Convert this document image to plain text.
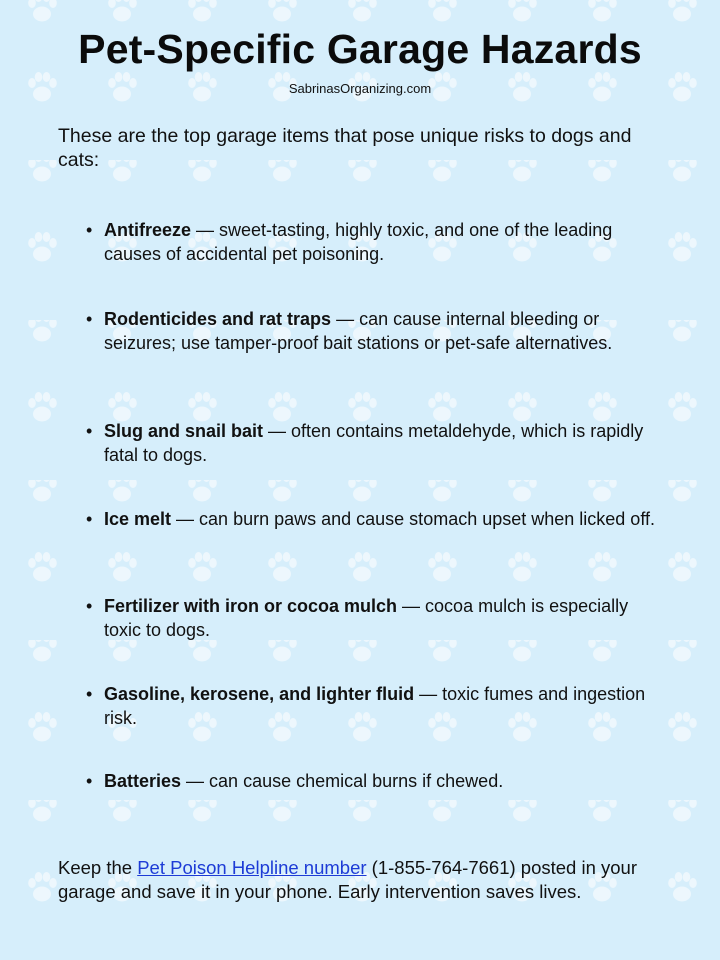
Pet-Specific Garage Hazards
SabrinasOrganizing.com

These are the top garage items that pose unique risks to dogs and cats:

• Antifreeze — sweet-tasting, highly toxic, and one of the leading causes of accidental pet poisoning.
• Rodenticides and rat traps — can cause internal bleeding or seizures; use tamper-proof bait stations or pet-safe alternatives.
• Slug and snail bait — often contains metaldehyde, which is rapidly fatal to dogs.
• Ice melt — can burn paws and cause stomach upset when licked off.
• Fertilizer with iron or cocoa mulch — cocoa mulch is especially toxic to dogs.
• Gasoline, kerosene, and lighter fluid — toxic fumes and ingestion risk.
• Batteries — can cause chemical burns if chewed.

Keep the Pet Poison Helpline number (1-855-764-7661) posted in your garage and save it in your phone. Early intervention saves lives.
